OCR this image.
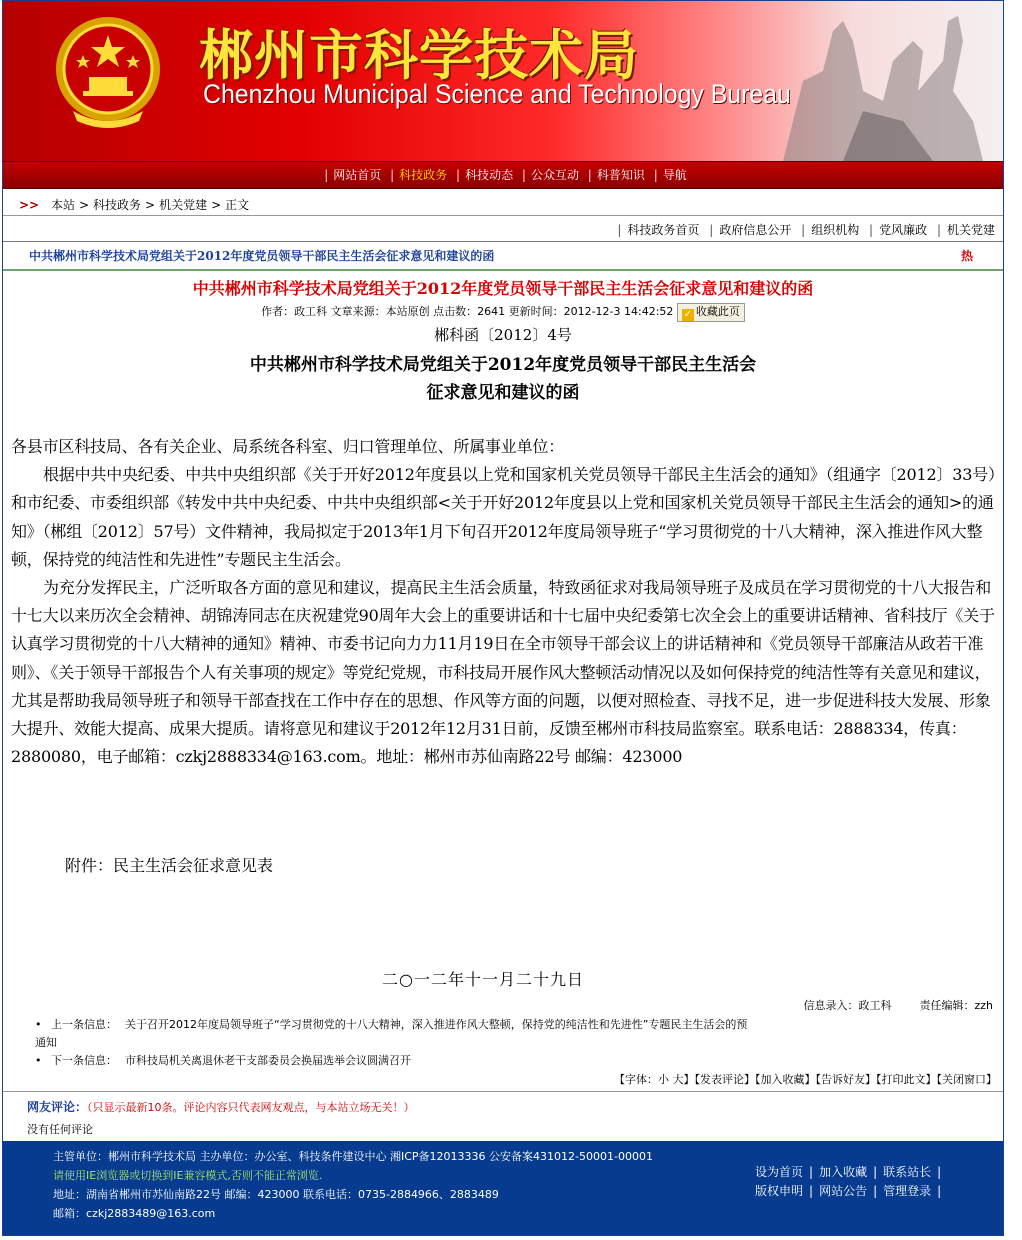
郴州市科学技术局
Chenzhou Municipal Science and Technology Bureau
| 网站首页 | 科技政务 | 科技动态 | 公众互动 | 科普知识 | 导航
>> 本站 > 科技政务 > 机关党建 > 正文
| 科技政务首页 | 政府信息公开 | 组织机构 | 党风廉政 | 机关党建
中共郴州市科学技术局党组关于2012年度党员领导干部民主生活会征求意见和建议的函	热
中共郴州市科学技术局党组关于2012年度党员领导干部民主生活会征求意见和建议的函
作者：政工科 文章来源：本站原创 点击数：2641 更新时间：2012-12-3 14:42:52 ✓ 收藏此页
郴科函〔2012〕4号
中共郴州市科学技术局党组关于2012年度党员领导干部民主生活会
征求意见和建议的函

各县市区科技局、各有关企业、局系统各科室、归口管理单位、所属事业单位：

根据中共中央纪委、中共中央组织部《关于开好2012年度县以上党和国家机关党员领导干部民主生活会的通知》（组通字〔2012〕33号）和市纪委、市委组织部《转发中共中央纪委、中共中央组织部<关于开好2012年度县以上党和国家机关党员领导干部民主生活会的通知>的通知》（郴组〔2012〕57号）文件精神，我局拟定于2013年1月下旬召开2012年度局领导班子“学习贯彻党的十八大精神，深入推进作风大整顿，保持党的纯洁性和先进性”专题民主生活会。

为充分发挥民主，广泛听取各方面的意见和建议，提高民主生活会质量，特致函征求对我局领导班子及成员在学习贯彻党的十八大报告和十七大以来历次全会精神、胡锦涛同志在庆祝建党90周年大会上的重要讲话和十七届中央纪委第七次全会上的重要讲话精神、省科技厅《关于认真学习贯彻党的十八大精神的通知》精神、市委书记向力力11月19日在全市领导干部会议上的讲话精神和《党员领导干部廉洁从政若干准则》、《关于领导干部报告个人有关事项的规定》等党纪党规，市科技局开展作风大整顿活动情况以及如何保持党的纯洁性等有关意见和建议，尤其是帮助我局领导班子和领导干部查找在工作中存在的思想、作风等方面的问题，以便对照检查、寻找不足，进一步促进科技大发展、形象大提升、效能大提高、成果大提质。请将意见和建议于2012年12月31日前，反馈至郴州市科技局监察室。联系电话：2888334，传真：2880080，电子邮箱：czkj2888334@163.com。地址：郴州市苏仙南路22号 邮编：423000

附件：民主生活会征求意见表
二○一二年十一月二十九日
信息录入：政工科	责任编辑：zzh
• 上一条信息： 关于召开2012年度局领导班子“学习贯彻党的十八大精神，深入推进作风大整顿，保持党的纯洁性和先进性”专题民主生活会的预
通知
• 下一条信息： 市科技局机关离退休老干支部委员会换届选举会议圆满召开
【字体：小 大】【发表评论】【加入收藏】【告诉好友】【打印此文】【关闭窗口】
网友评论：（只显示最新10条。评论内容只代表网友观点，与本站立场无关！）
没有任何评论
主管单位：郴州市科学技术局 主办单位：办公室、科技条件建设中心 湘ICP备12013336 公安备案431012-50001-00001
请使用IE浏览器或切换到IE兼容模式,否则不能正常浏览.
地址：湖南省郴州市苏仙南路22号 邮编：423000 联系电话：0735-2884966、2883489
邮箱：czkj2883489@163.com
设为首页 | 加入收藏 | 联系站长 |
版权申明 | 网站公告 | 管理登录 |
